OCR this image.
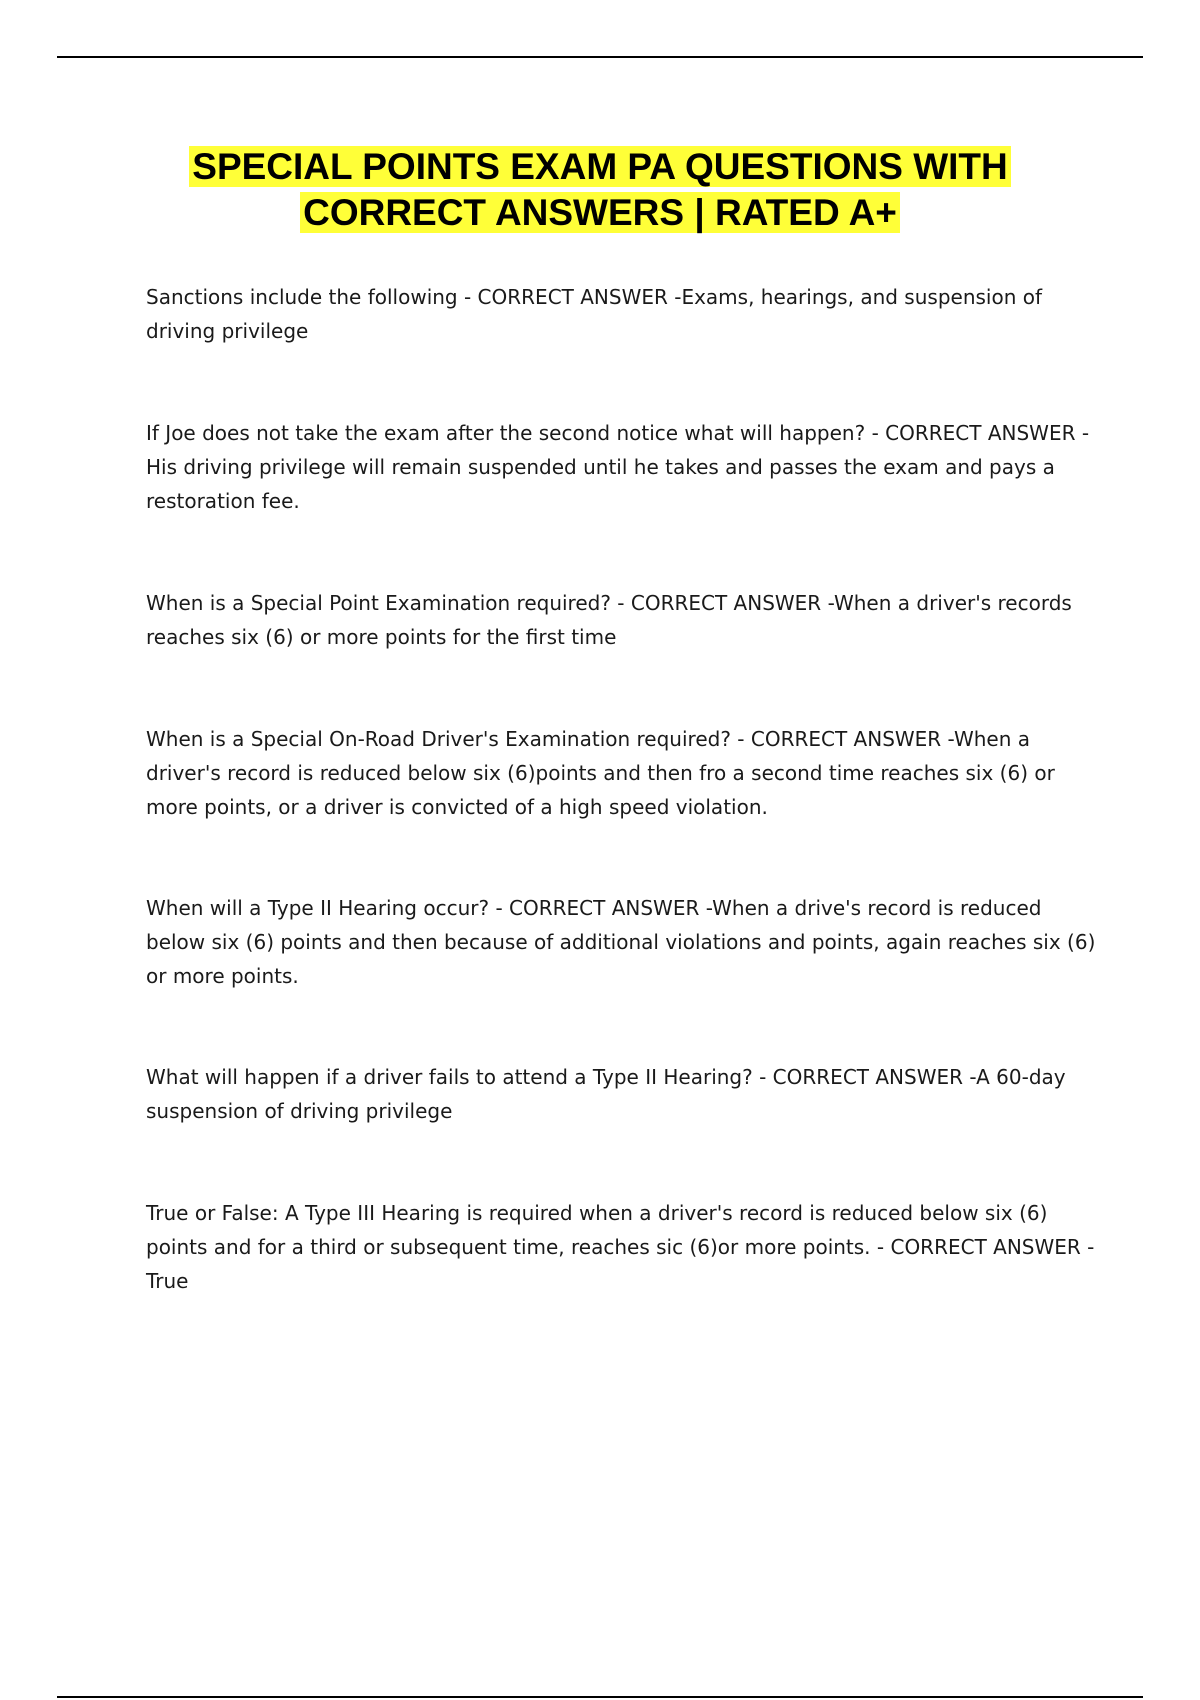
SPECIAL POINTS EXAM PA QUESTIONS WITH
CORRECT ANSWERS | RATED A+

Sanctions include the following - CORRECT ANSWER -Exams, hearings, and suspension of driving privilege

If Joe does not take the exam after the second notice what will happen? - CORRECT ANSWER -His driving privilege will remain suspended until he takes and passes the exam and pays a restoration fee.

When is a Special Point Examination required? - CORRECT ANSWER -When a driver's records reaches six (6) or more points for the first time

When is a Special On-Road Driver's Examination required? - CORRECT ANSWER -When a driver's record is reduced below six (6)points and then fro a second time reaches six (6) or more points, or a driver is convicted of a high speed violation.

When will a Type II Hearing occur? - CORRECT ANSWER -When a drive's record is reduced below six (6) points and then because of additional violations and points, again reaches six (6) or more points.

What will happen if a driver fails to attend a Type II Hearing? - CORRECT ANSWER -A 60-day suspension of driving privilege

True or False: A Type III Hearing is required when a driver's record is reduced below six (6) points and for a third or subsequent time, reaches sic (6)or more points. - CORRECT ANSWER -True
